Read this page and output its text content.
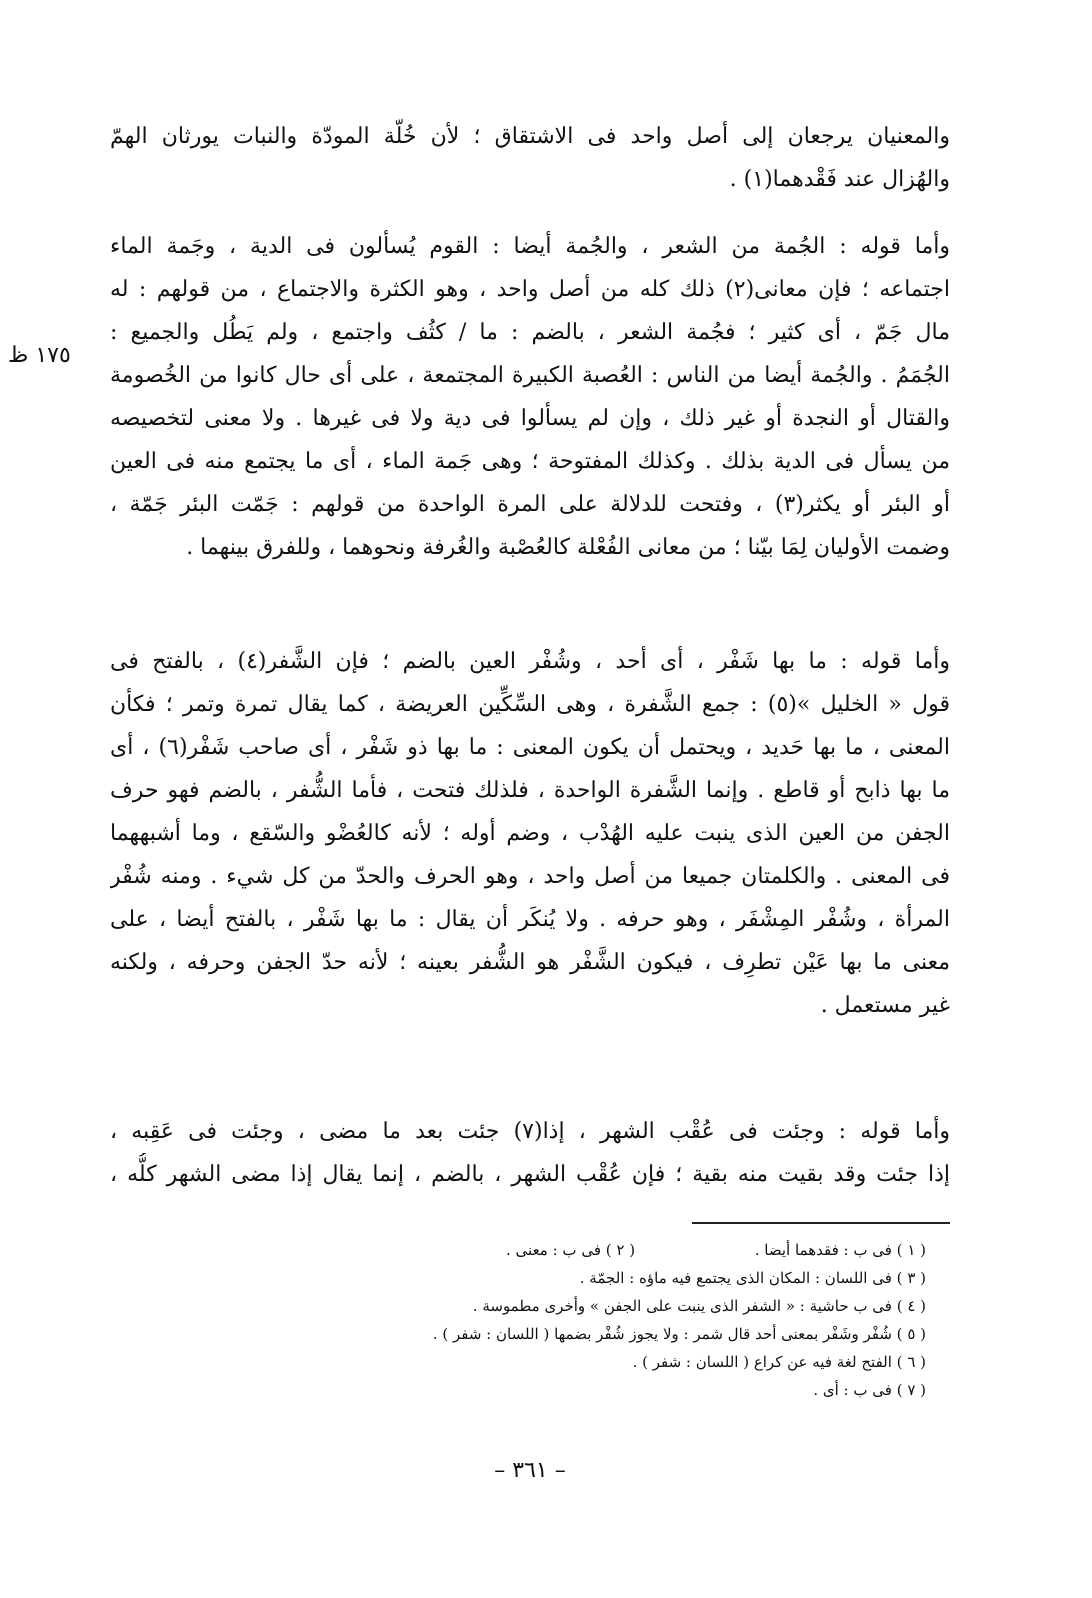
والمعنيان يرجعان إلى أصل واحد فى الاشتقاق ؛ لأن خُلّة المودّة والنبات يورثان الهمّ
والهُزال عند فَقْدهما(١) .
وأما قوله : الجُمة من الشعر ، والجُمة أيضا : القوم يُسألون فى الدية ، وجَمة الماء
اجتماعه ؛ فإن معانى(٢) ذلك كله من أصل واحد ، وهو الكثرة والاجتماع ، من قولهم : له
مال جَمّ ، أى كثير ؛ فجُمة الشعر ، بالضم : ما / كثُف واجتمع ، ولم يَطُل والجميع :
الجُمَمُ . والجُمة أيضا من الناس : العُصبة الكبيرة المجتمعة ، على أى حال كانوا من الخُصومة
والقتال أو النجدة أو غير ذلك ، وإن لم يسألوا فى دية ولا فى غيرها . ولا معنى لتخصيصه
من يسأل فى الدية بذلك . وكذلك المفتوحة ؛ وهى جَمة الماء ، أى ما يجتمع منه فى العين
أو البئر أو يكثر(٣) ، وفتحت للدلالة على المرة الواحدة من قولهم : جَمّت البئر جَمّة ،
وضمت الأوليان لِمَا بيّنا ؛ من معانى الفُعْلة كالعُصْبة والغُرفة ونحوهما ، وللفرق بينهما .
١٧٥ ظ
وأما قوله : ما بها شَفْر ، أى أحد ، وشُفْر العين بالضم ؛ فإن الشَّفر(٤) ، بالفتح فى
قول « الخليل »(٥) : جمع الشَّفرة ، وهى السِّكِّين العريضة ، كما يقال تمرة وتمر ؛ فكأن
المعنى ، ما بها حَديد ، ويحتمل أن يكون المعنى : ما بها ذو شَفْر ، أى صاحب شَفْر(٦) ، أى
ما بها ذابح أو قاطع . وإنما الشَّفرة الواحدة ، فلذلك فتحت ، فأما الشُّفر ، بالضم فهو حرف
الجفن من العين الذى ينبت عليه الهُدْب ، وضم أوله ؛ لأنه كالعُضْو والسّقع ، وما أشبههما
فى المعنى . والكلمتان جميعا من أصل واحد ، وهو الحرف والحدّ من كل شيء . ومنه شُفْر
المرأة ، وشُفْر المِشْفَر ، وهو حرفه . ولا يُنكَر أن يقال : ما بها شَفْر ، بالفتح أيضا ، على
معنى ما بها عَيْن تطرِف ، فيكون الشَّفْر هو الشُّفر بعينه ؛ لأنه حدّ الجفن وحرفه ، ولكنه
غير مستعمل .
وأما قوله : وجئت فى عُقْب الشهر ، إذا(٧) جئت بعد ما مضى ، وجئت فى عَقِبه ،
إذا جئت وقد بقيت منه بقية ؛ فإن عُقْب الشهر ، بالضم ، إنما يقال إذا مضى الشهر كلُّه ،
( ١ ) فى ب : فقدهما أيضا .
( ٢ ) فى ب : معنى .
( ٣ ) فى اللسان : المكان الذى يجتمع فيه ماؤه : الجمّة .
( ٤ ) فى ب حاشية : « الشفر الذى ينبت على الجفن » وأخرى مطموسة .
( ٥ ) شُفْر وشَفْر بمعنى أحد قال شمر : ولا يجوز شُفْر بضمها ( اللسان : شفر ) .
( ٦ ) الفتح لغة فيه عن كراع ( اللسان : شفر ) .
( ٧ ) فى ب : أى .
– ٣٦١ –
